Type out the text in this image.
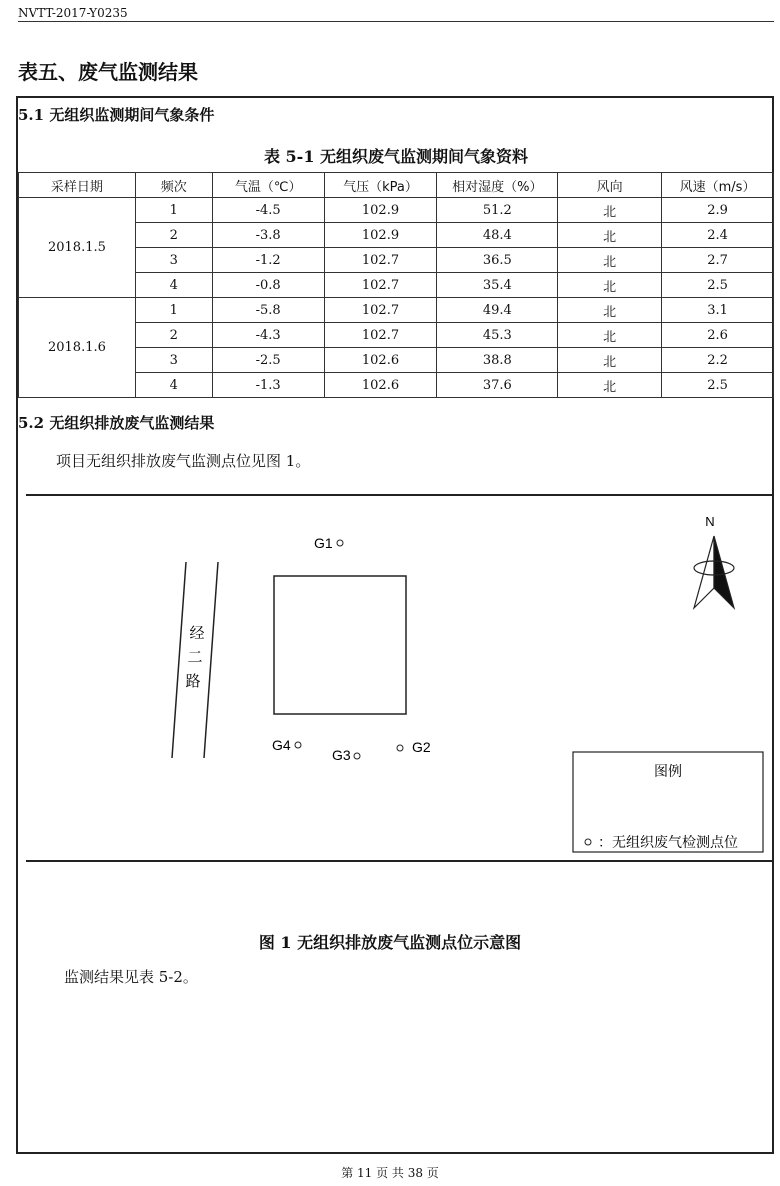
NVTT-2017-Y0235
表五、废气监测结果
5.1 无组织监测期间气象条件
表 5-1 无组织废气监测期间气象资料
采样日期	频次	气温（℃）	气压（kPa）	相对湿度（%）	风向	风速（m/s）
2018.1.5	1	-4.5	102.9	51.2	北	2.9
	2	-3.8	102.9	48.4	北	2.4
	3	-1.2	102.7	36.5	北	2.7
	4	-0.8	102.7	35.4	北	2.5
2018.1.6	1	-5.8	102.7	49.4	北	3.1
	2	-4.3	102.7	45.3	北	2.6
	3	-2.5	102.6	38.8	北	2.2
	4	-1.3	102.6	37.6	北	2.5
5.2 无组织排放废气监测结果
项目无组织排放废气监测点位见图 1。
经
二
路
G1
G4
G3	G2
N
图例
：无组织废气检测点位
图 1 无组织排放废气监测点位示意图
监测结果见表 5-2。
第 11 页 共 38 页
